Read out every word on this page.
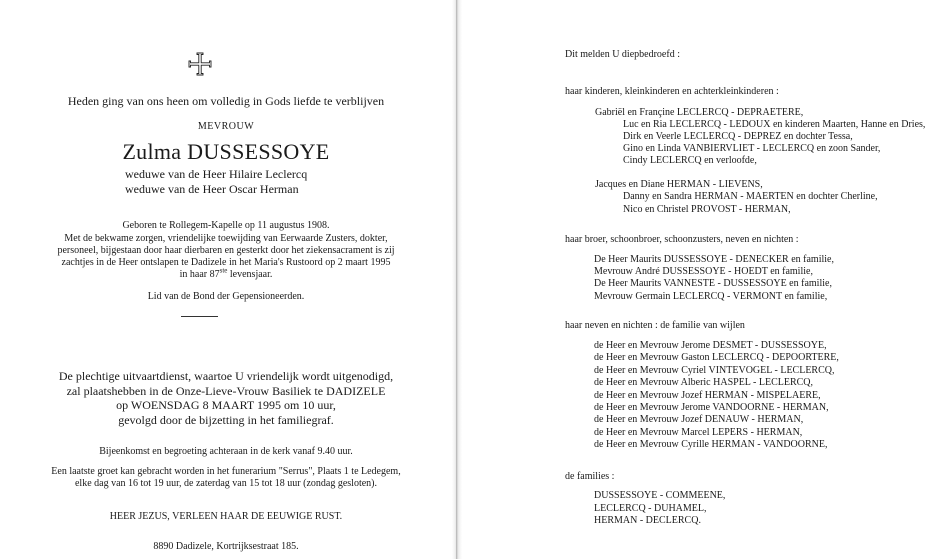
Heden ging van ons heen om volledig in Gods liefde te verblijven
MEVROUW
Zulma DUSSESSOYE
weduwe van de Heer Hilaire Leclercq
weduwe van de Heer Oscar Herman
Geboren te Rollegem-Kapelle op 11 augustus 1908.
Met de bekwame zorgen, vriendelijke toewijding van Eerwaarde Zusters, dokter,
personeel, bijgestaan door haar dierbaren en gesterkt door het ziekensacrament is zij
zachtjes in de Heer ontslapen te Dadizele in het Maria's Rustoord op 2 maart 1995
in haar 87ste levensjaar.
Lid van de Bond der Gepensioneerden.
De plechtige uitvaartdienst, waartoe U vriendelijk wordt uitgenodigd,
zal plaatshebben in de Onze-Lieve-Vrouw Basiliek te DADIZELE
op WOENSDAG 8 MAART 1995 om 10 uur,
gevolgd door de bijzetting in het familiegraf.
Bijeenkomst en begroeting achteraan in de kerk vanaf 9.40 uur.
Een laatste groet kan gebracht worden in het funerarium "Serrus", Plaats 1 te Ledegem,
elke dag van 16 tot 19 uur, de zaterdag van 15 tot 18 uur (zondag gesloten).
HEER JEZUS, VERLEEN HAAR DE EEUWIGE RUST.
8890 Dadizele, Kortrijksestraat 185.
Dit melden U diepbedroefd :
haar kinderen, kleinkinderen en achterkleinkinderen :
Gabriël en Françine LECLERCQ - DEPRAETERE,
Luc en Ria LECLERCQ - LEDOUX en kinderen Maarten, Hanne en Dries,
Dirk en Veerle LECLERCQ - DEPREZ en dochter Tessa,
Gino en Linda VANBIERVLIET - LECLERCQ en zoon Sander,
Cindy LECLERCQ en verloofde,
Jacques en Diane HERMAN - LIEVENS,
Danny en Sandra HERMAN - MAERTEN en dochter Cherline,
Nico en Christel PROVOST - HERMAN,
haar broer, schoonbroer, schoonzusters, neven en nichten :
De Heer Maurits DUSSESSOYE - DENECKER en familie,
Mevrouw André DUSSESSOYE - HOEDT en familie,
De Heer Maurits VANNESTE - DUSSESSOYE en familie,
Mevrouw Germain LECLERCQ - VERMONT en familie,
haar neven en nichten : de familie van wijlen
de Heer en Mevrouw Jerome DESMET - DUSSESSOYE,
de Heer en Mevrouw Gaston LECLERCQ - DEPOORTERE,
de Heer en Mevrouw Cyriel VINTEVOGEL - LECLERCQ,
de Heer en Mevrouw Alberic HASPEL - LECLERCQ,
de Heer en Mevrouw Jozef HERMAN - MISPELAERE,
de Heer en Mevrouw Jerome VANDOORNE - HERMAN,
de Heer en Mevrouw Jozef DENAUW - HERMAN,
de Heer en Mevrouw Marcel LEPERS - HERMAN,
de Heer en Mevrouw Cyrille HERMAN - VANDOORNE,
de families :
DUSSESSOYE - COMMEENE,
LECLERCQ - DUHAMEL,
HERMAN - DECLERCQ.
